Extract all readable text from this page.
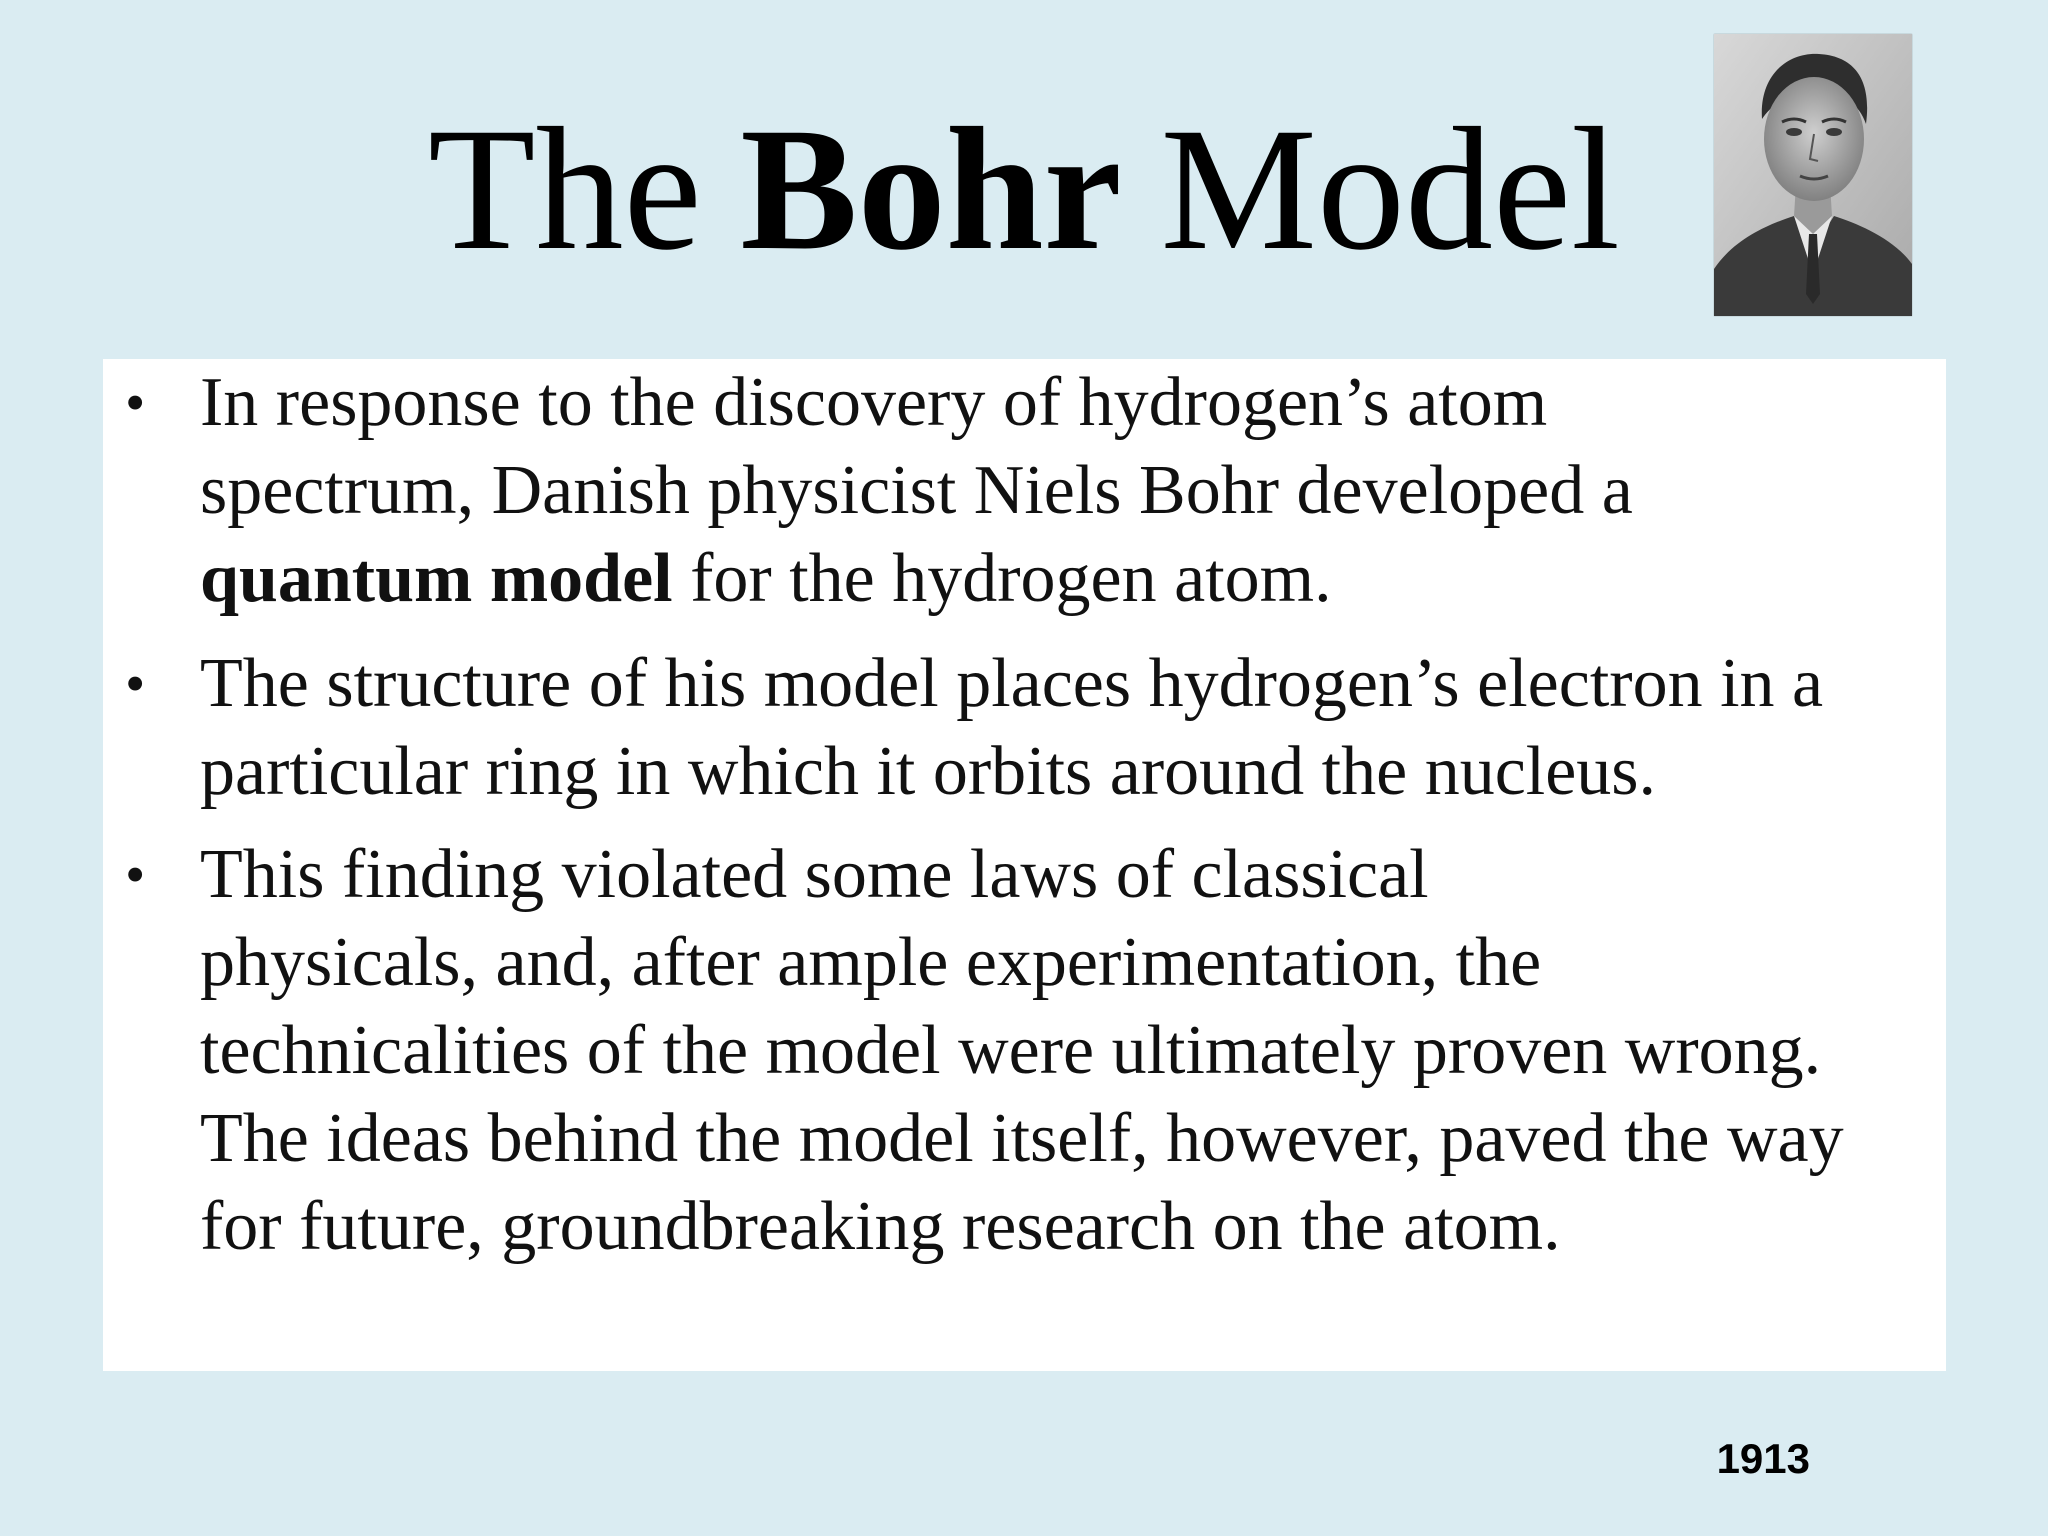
The Bohr Model
• In response to the discovery of hydrogen’s atom
spectrum, Danish physicist Niels Bohr developed a
quantum model for the hydrogen atom.
• The structure of his model places hydrogen’s electron in a
particular ring in which it orbits around the nucleus.
• This finding violated some laws of classical
physicals, and, after ample experimentation, the
technicalities of the model were ultimately proven wrong.
The ideas behind the model itself, however, paved the way
for future, groundbreaking research on the atom.
1913
